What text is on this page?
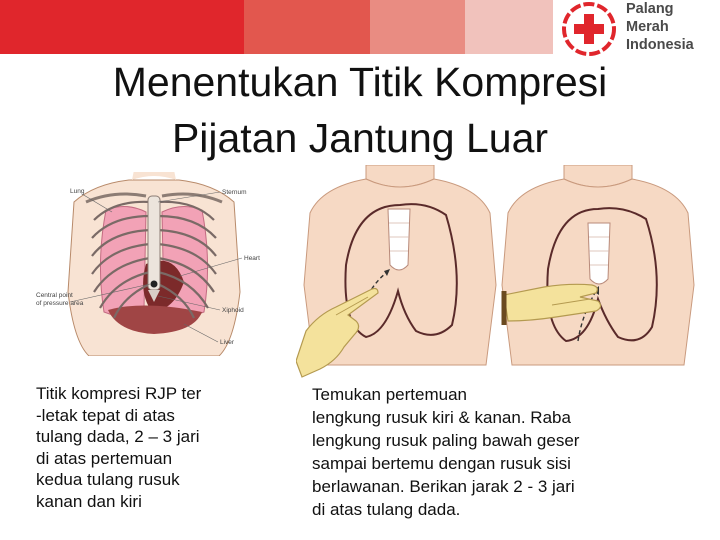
Palang
Merah
Indonesia
Menentukan Titik Kompresi
Pijatan Jantung Luar
Lung	Sternum
Heart
Central point
of pressure area
Xiphoid
Liver
Titik kompresi RJP ter
-letak tepat di atas
tulang dada, 2 – 3 jari
di atas pertemuan
kedua tulang rusuk
kanan dan kiri
Temukan pertemuan
lengkung rusuk kiri & kanan. Raba
lengkung rusuk paling bawah geser
sampai bertemu dengan rusuk sisi
berlawanan. Berikan jarak 2 - 3 jari
di atas tulang dada.
